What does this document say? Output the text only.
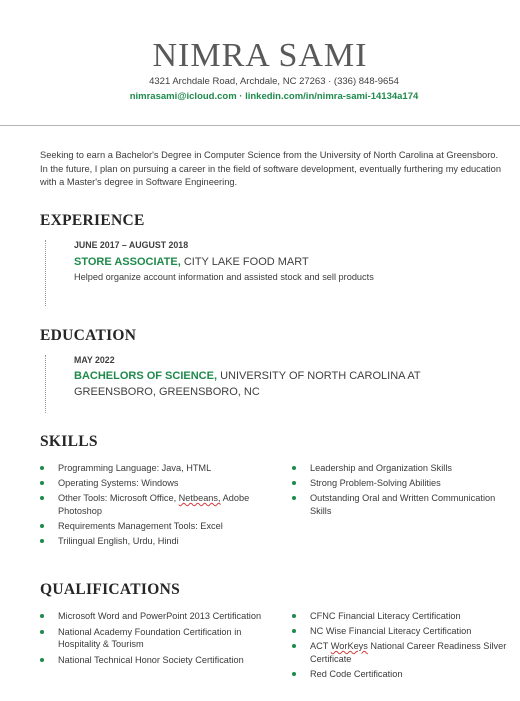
NIMRA SAMI
4321 Archdale Road, Archdale, NC 27263 · (336) 848-9654
nimrasami@icloud.com · linkedin.com/in/nimra-sami-14134a174
Seeking to earn a Bachelor's Degree in Computer Science from the University of North Carolina at Greensboro. In the future, I plan on pursuing a career in the field of software development, eventually furthering my education with a Master's degree in Software Engineering.
EXPERIENCE
JUNE 2017 – AUGUST 2018
STORE ASSOCIATE, CITY LAKE FOOD MART
Helped organize account information and assisted stock and sell products
EDUCATION
MAY 2022
BACHELORS OF SCIENCE, UNIVERSITY OF NORTH CAROLINA AT GREENSBORO, GREENSBORO, NC
SKILLS
Programming Language: Java, HTML
Operating Systems: Windows
Other Tools: Microsoft Office, Netbeans, Adobe Photoshop
Requirements Management Tools: Excel
Trilingual English, Urdu, Hindi
Leadership and Organization Skills
Strong Problem-Solving Abilities
Outstanding Oral and Written Communication Skills
QUALIFICATIONS
Microsoft Word and PowerPoint 2013 Certification
National Academy Foundation Certification in Hospitality & Tourism
National Technical Honor Society Certification
CFNC Financial Literacy Certification
NC Wise Financial Literacy Certification
ACT WorKeys National Career Readiness Silver Certificate
Red Code Certification
